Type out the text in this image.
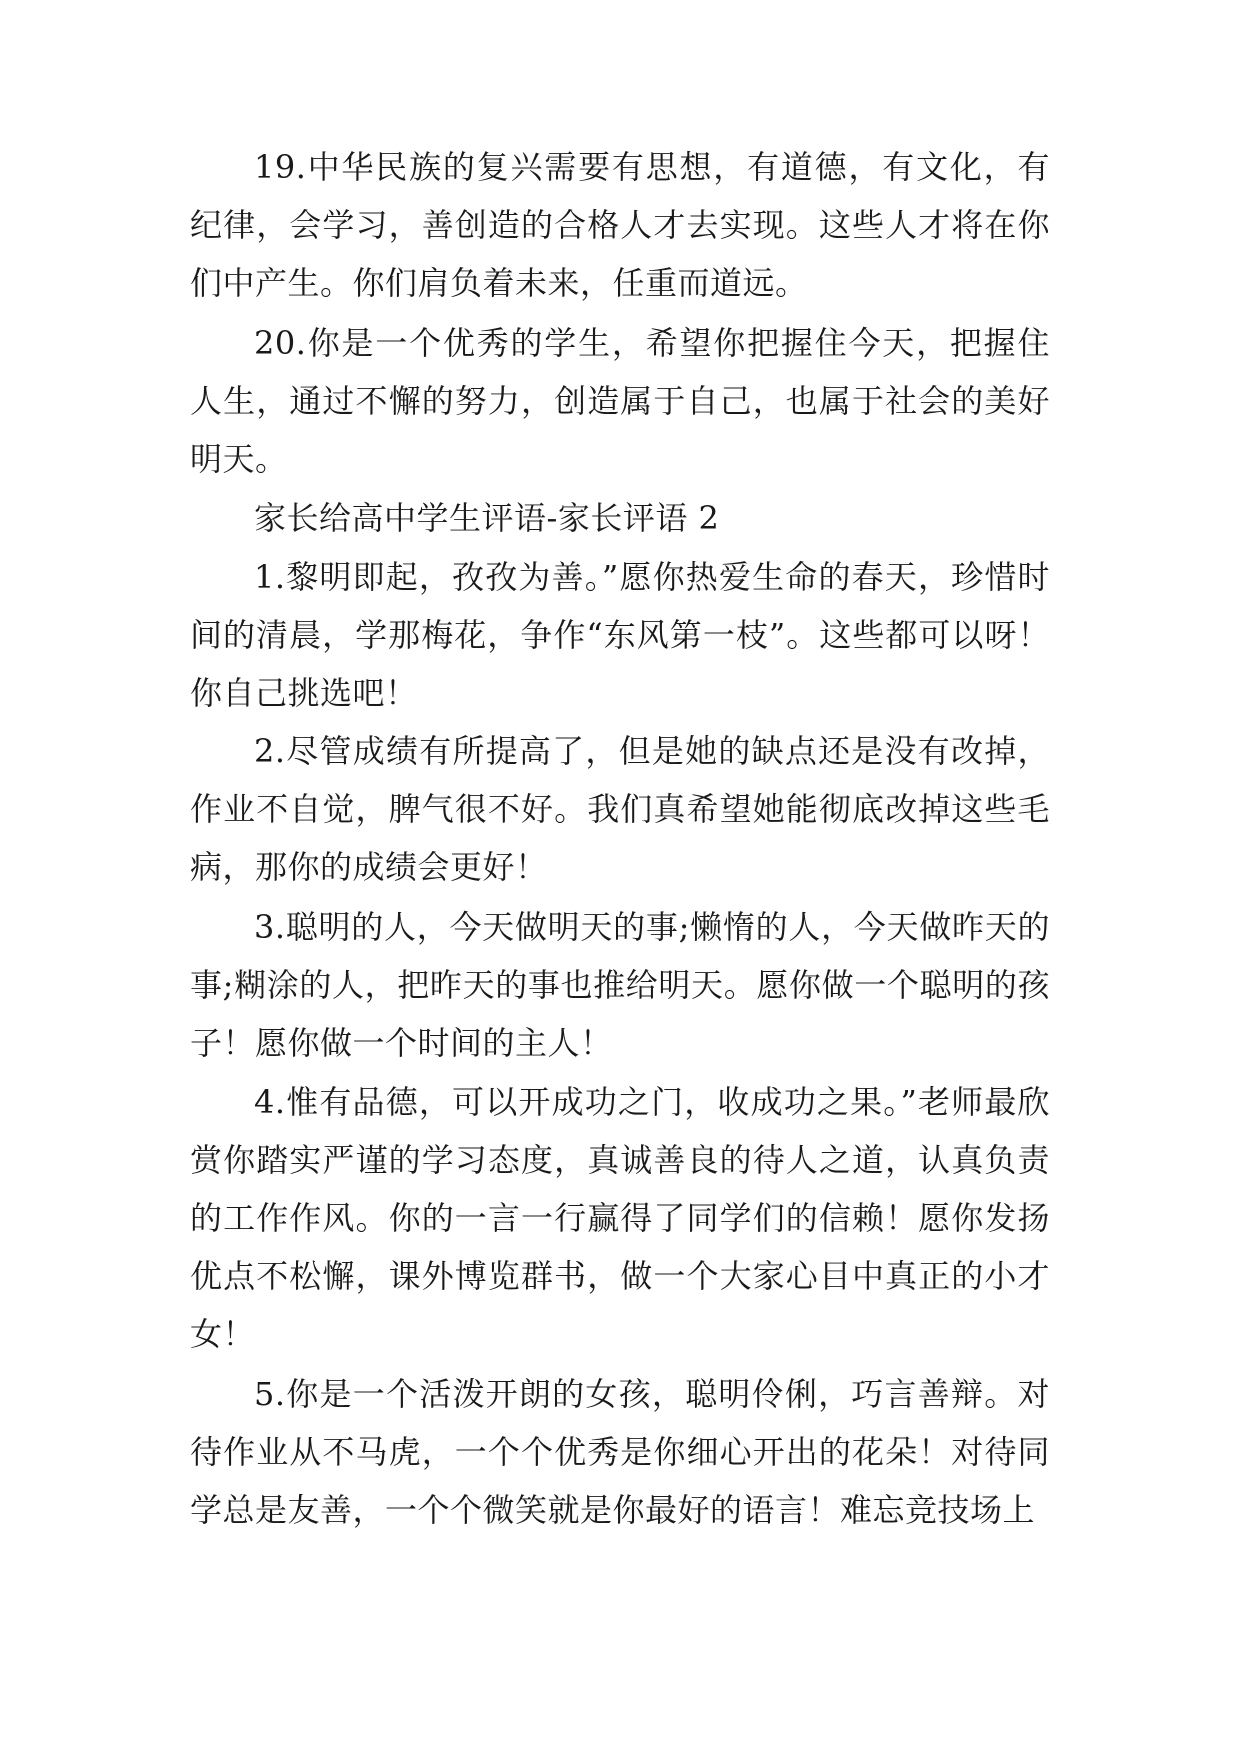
19.中华民族的复兴需要有思想，有道德，有文化，有纪律，会学习，善创造的合格人才去实现。这些人才将在你们中产生。你们肩负着未来，任重而道远。

20.你是一个优秀的学生，希望你把握住今天，把握住人生，通过不懈的努力，创造属于自己，也属于社会的美好明天。

家长给高中学生评语-家长评语 2

1.黎明即起，孜孜为善。”愿你热爱生命的春天，珍惜时间的清晨，学那梅花，争作“东风第一枝”。这些都可以呀！你自己挑选吧！

2.尽管成绩有所提高了，但是她的缺点还是没有改掉，作业不自觉，脾气很不好。我们真希望她能彻底改掉这些毛病，那你的成绩会更好！

3.聪明的人，今天做明天的事;懒惰的人，今天做昨天的事;糊涂的人，把昨天的事也推给明天。愿你做一个聪明的孩子！愿你做一个时间的主人！

4.惟有品德，可以开成功之门，收成功之果。”老师最欣赏你踏实严谨的学习态度，真诚善良的待人之道，认真负责的工作作风。你的一言一行赢得了同学们的信赖！愿你发扬优点不松懈，课外博览群书，做一个大家心目中真正的小才女！

5.你是一个活泼开朗的女孩，聪明伶俐，巧言善辩。对待作业从不马虎，一个个优秀是你细心开出的花朵！对待同学总是友善，一个个微笑就是你最好的语言！难忘竞技场上
